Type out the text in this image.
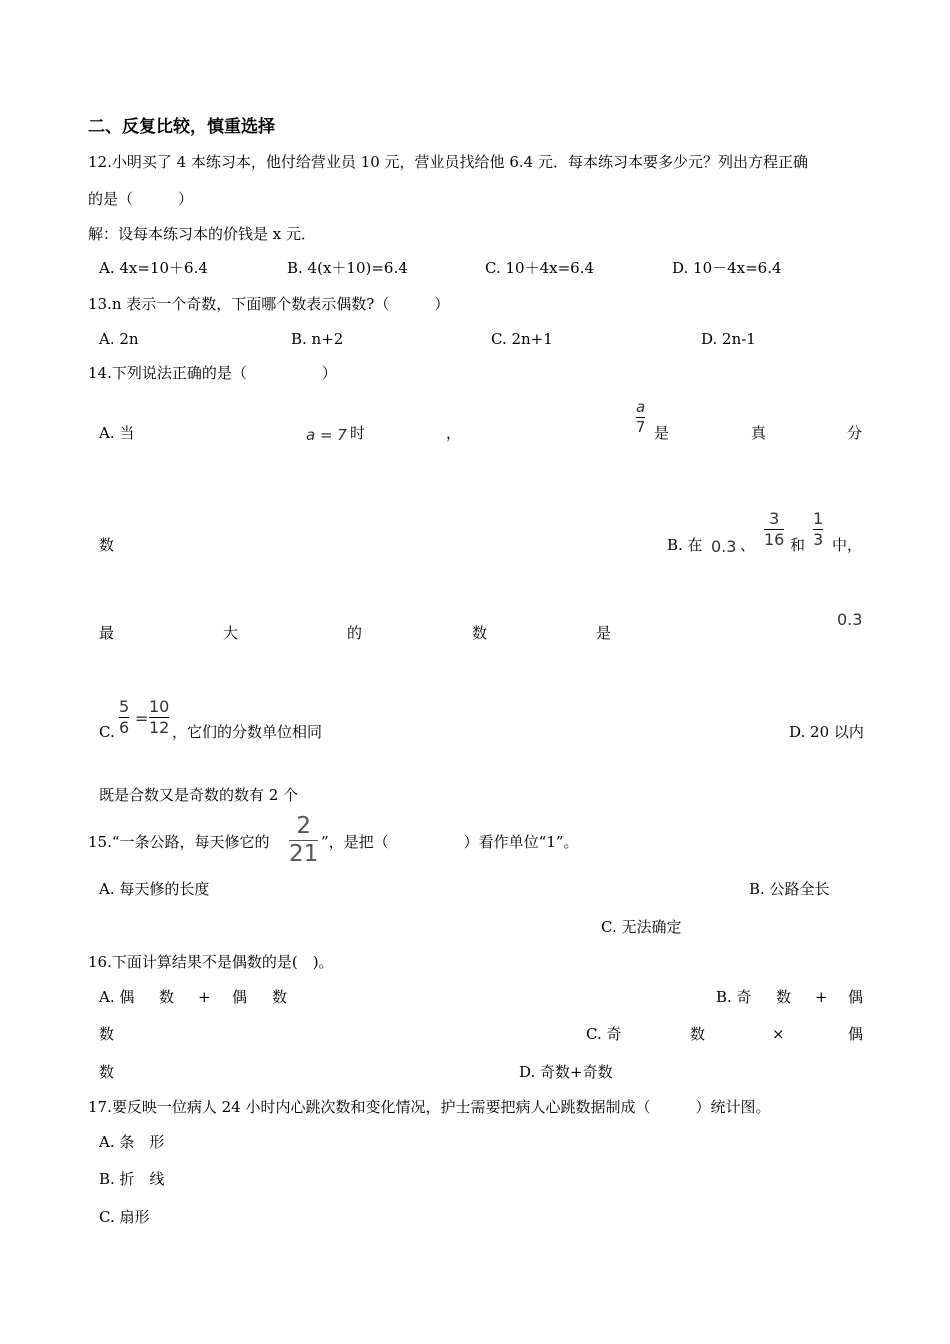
二、反复比较，慎重选择
12.小明买了 4 本练习本，他付给营业员 10 元，营业员找给他 6.4 元．每本练习本要多少元？列出方程正确
的是（　　　）
解：设每本练习本的价钱是 x 元．
A. 4x=10＋6.4	B. 4(x＋10)=6.4	C. 10＋4x=6.4	D. 10－4x=6.4
13.n 表示一个奇数，下面哪个数表示偶数?（　　　）
A. 2n	B. n+2	C. 2n+1	D. 2n-1
14.下列说法正确的是（　　　　　）
A. 当	a = 7 时	，	$\frac{a}{7}$ 是	真	分
数	B. 在 0.3 、 $\frac{3}{16}$ 和 $\frac{1}{3}$ 中，
最	大	的	数	是
0.3
C. $\frac{5}{6} = \frac{10}{12}$ ，它们的分数单位相同	D. 20 以内
既是合数又是奇数的数有 2 个
15.“一条公路，每天修它的 $\frac{2}{21}$ ”，是把（　　　　　）看作单位“1”。
A. 每天修的长度	B. 公路全长
C. 无法确定
16.下面计算结果不是偶数的是(　)。
A. 偶 数 + 偶 数	B. 奇 数 + 偶
数	C. 奇	数	×	偶
数	D. 奇数+奇数
17.要反映一位病人 24 小时内心跳次数和变化情况，护士需要把病人心跳数据制成（　　　）统计图。
A. 条　形
B. 折　线
C. 扇形
